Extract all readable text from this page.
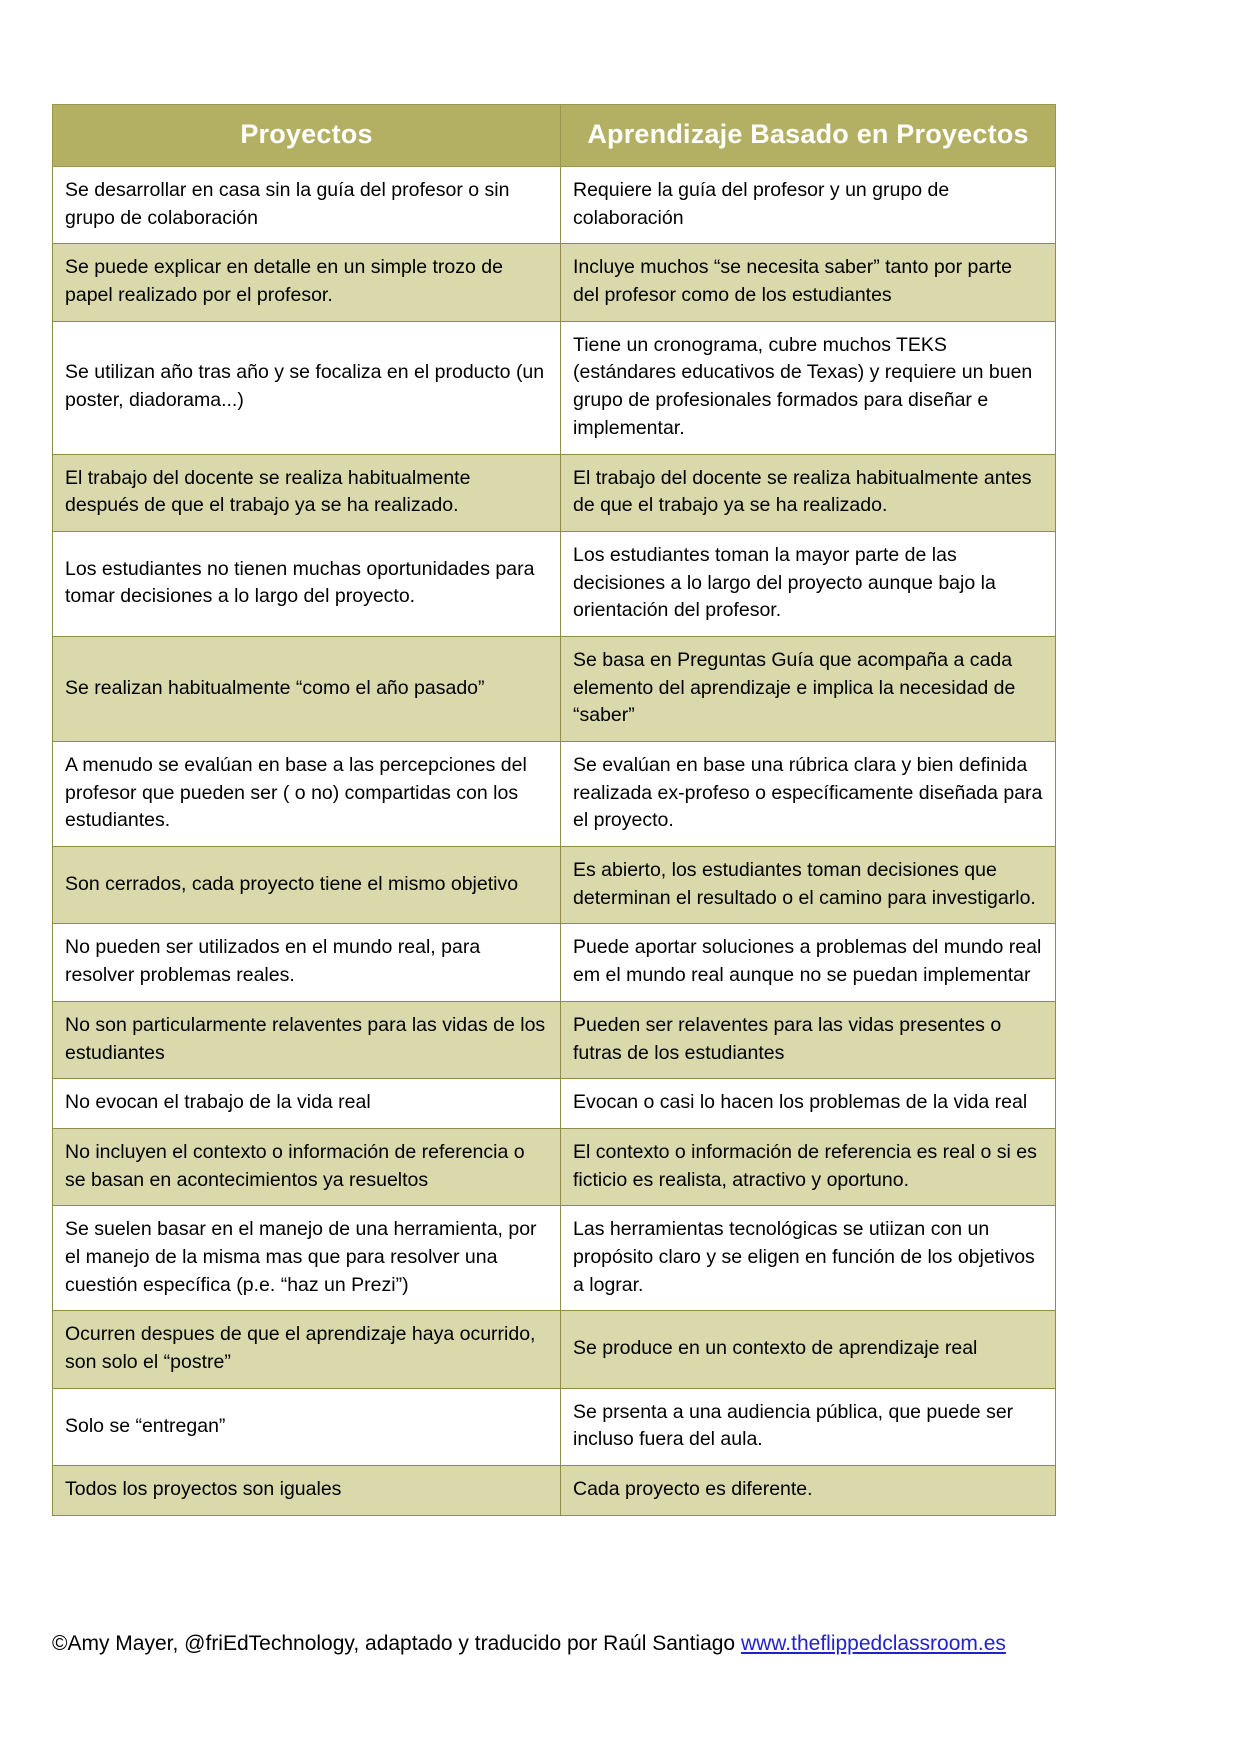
Proyectos	Aprendizaje Basado en Proyectos
Se desarrollar en casa sin la guía del profesor o sin grupo de colaboración	Requiere la guía del profesor y un grupo de colaboración
Se puede explicar en detalle en un simple trozo de papel realizado por el profesor.	Incluye muchos “se necesita saber” tanto por parte del profesor como de los estudiantes
Se utilizan año tras año y se focaliza en el producto (un poster, diadorama...)	Tiene un cronograma, cubre muchos TEKS (estándares educativos de Texas) y requiere un buen grupo de profesionales formados para diseñar e implementar.
El trabajo del docente se realiza habitualmente después de que el trabajo ya se ha realizado.	El trabajo del docente se realiza habitualmente antes de que el trabajo ya se ha realizado.
Los estudiantes no tienen muchas oportunidades para tomar decisiones a lo largo del proyecto.	Los estudiantes toman la mayor parte de las decisiones a lo largo del proyecto aunque bajo la orientación del profesor.
Se realizan habitualmente “como el año pasado”	Se basa en Preguntas Guía que acompaña a cada elemento del aprendizaje e implica la necesidad de “saber”
A menudo se evalúan en base a las percepciones del profesor que pueden ser ( o no) compartidas con los estudiantes.	Se evalúan en base una rúbrica clara y bien definida realizada ex-profeso o específicamente diseñada para el proyecto.
Son cerrados, cada proyecto tiene el mismo objetivo	Es abierto, los estudiantes toman decisiones que determinan el resultado o el camino para investigarlo.
No pueden ser utilizados en el mundo real, para resolver problemas reales.	Puede aportar soluciones a problemas del mundo real em el mundo real aunque no se puedan implementar
No son particularmente relaventes para las vidas de los estudiantes	Pueden ser relaventes para las vidas presentes o futras de los estudiantes
No evocan el trabajo de la vida real	Evocan o casi lo hacen los problemas de la vida real
No incluyen el contexto o información de referencia o se basan en acontecimientos ya resueltos	El contexto o información de referencia es real o si es ficticio es realista, atractivo y oportuno.
Se suelen basar en el manejo de una herramienta, por el manejo de la misma mas que para resolver una cuestión específica (p.e. “haz un Prezi”)	Las herramientas tecnológicas se utiizan con un propósito claro y se eligen en función de los objetivos a lograr.
Ocurren despues de que el aprendizaje haya ocurrido, son solo el “postre”	Se produce en un contexto de aprendizaje real
Solo se “entregan”	Se prsenta a una audiencia pública, que puede ser incluso fuera del aula.
Todos los proyectos son iguales	Cada proyecto es diferente.
©Amy Mayer, @friEdTechnology, adaptado y traducido por Raúl Santiago www.theflippedclassroom.es
